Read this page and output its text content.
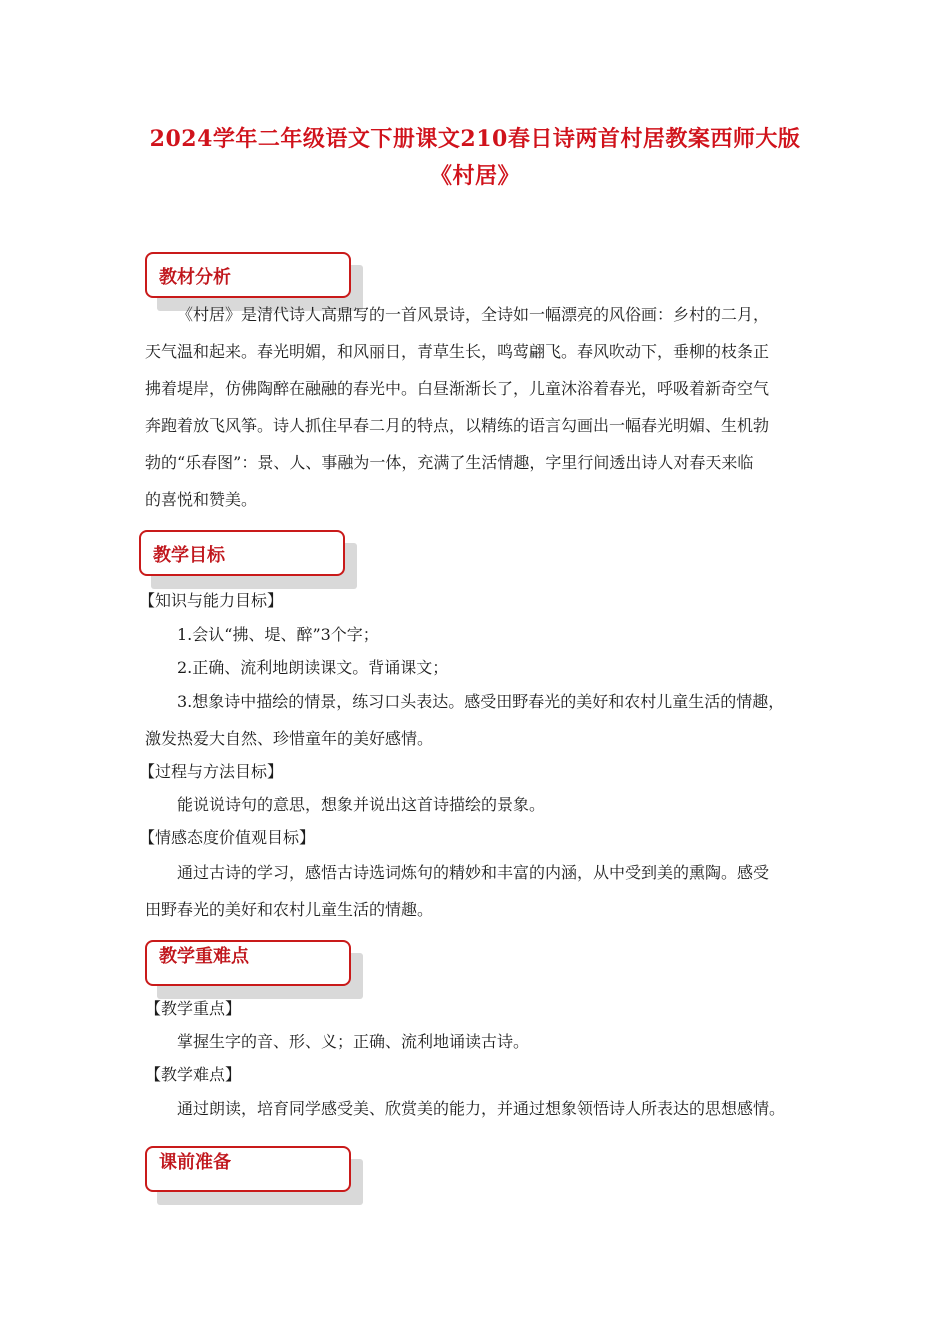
2024学年二年级语文下册课文210春日诗两首村居教案西师大版
《村居》
教材分析
《村居》是清代诗人高鼎写的一首风景诗，全诗如一幅漂亮的风俗画：乡村的二月，
天气温和起来。春光明媚，和风丽日，青草生长，鸣莺翩飞。春风吹动下，垂柳的枝条正
拂着堤岸，仿佛陶醉在融融的春光中。白昼渐渐长了，儿童沐浴着春光，呼吸着新奇空气
奔跑着放飞风筝。诗人抓住早春二月的特点，以精练的语言勾画出一幅春光明媚、生机勃
勃的“乐春图”：景、人、事融为一体，充满了生活情趣，字里行间透出诗人对春天来临
的喜悦和赞美。
教学目标
【知识与能力目标】
1.会认“拂、堤、醉”3个字；
2.正确、流利地朗读课文。背诵课文；
3.想象诗中描绘的情景，练习口头表达。感受田野春光的美好和农村儿童生活的情趣，
激发热爱大自然、珍惜童年的美好感情。
【过程与方法目标】
能说说诗句的意思，想象并说出这首诗描绘的景象。
【情感态度价值观目标】
通过古诗的学习，感悟古诗选词炼句的精妙和丰富的内涵，从中受到美的熏陶。感受
田野春光的美好和农村儿童生活的情趣。
教学重难点
【教学重点】
掌握生字的音、形、义；正确、流利地诵读古诗。
【教学难点】
通过朗读，培育同学感受美、欣赏美的能力，并通过想象领悟诗人所表达的思想感情。
课前准备
